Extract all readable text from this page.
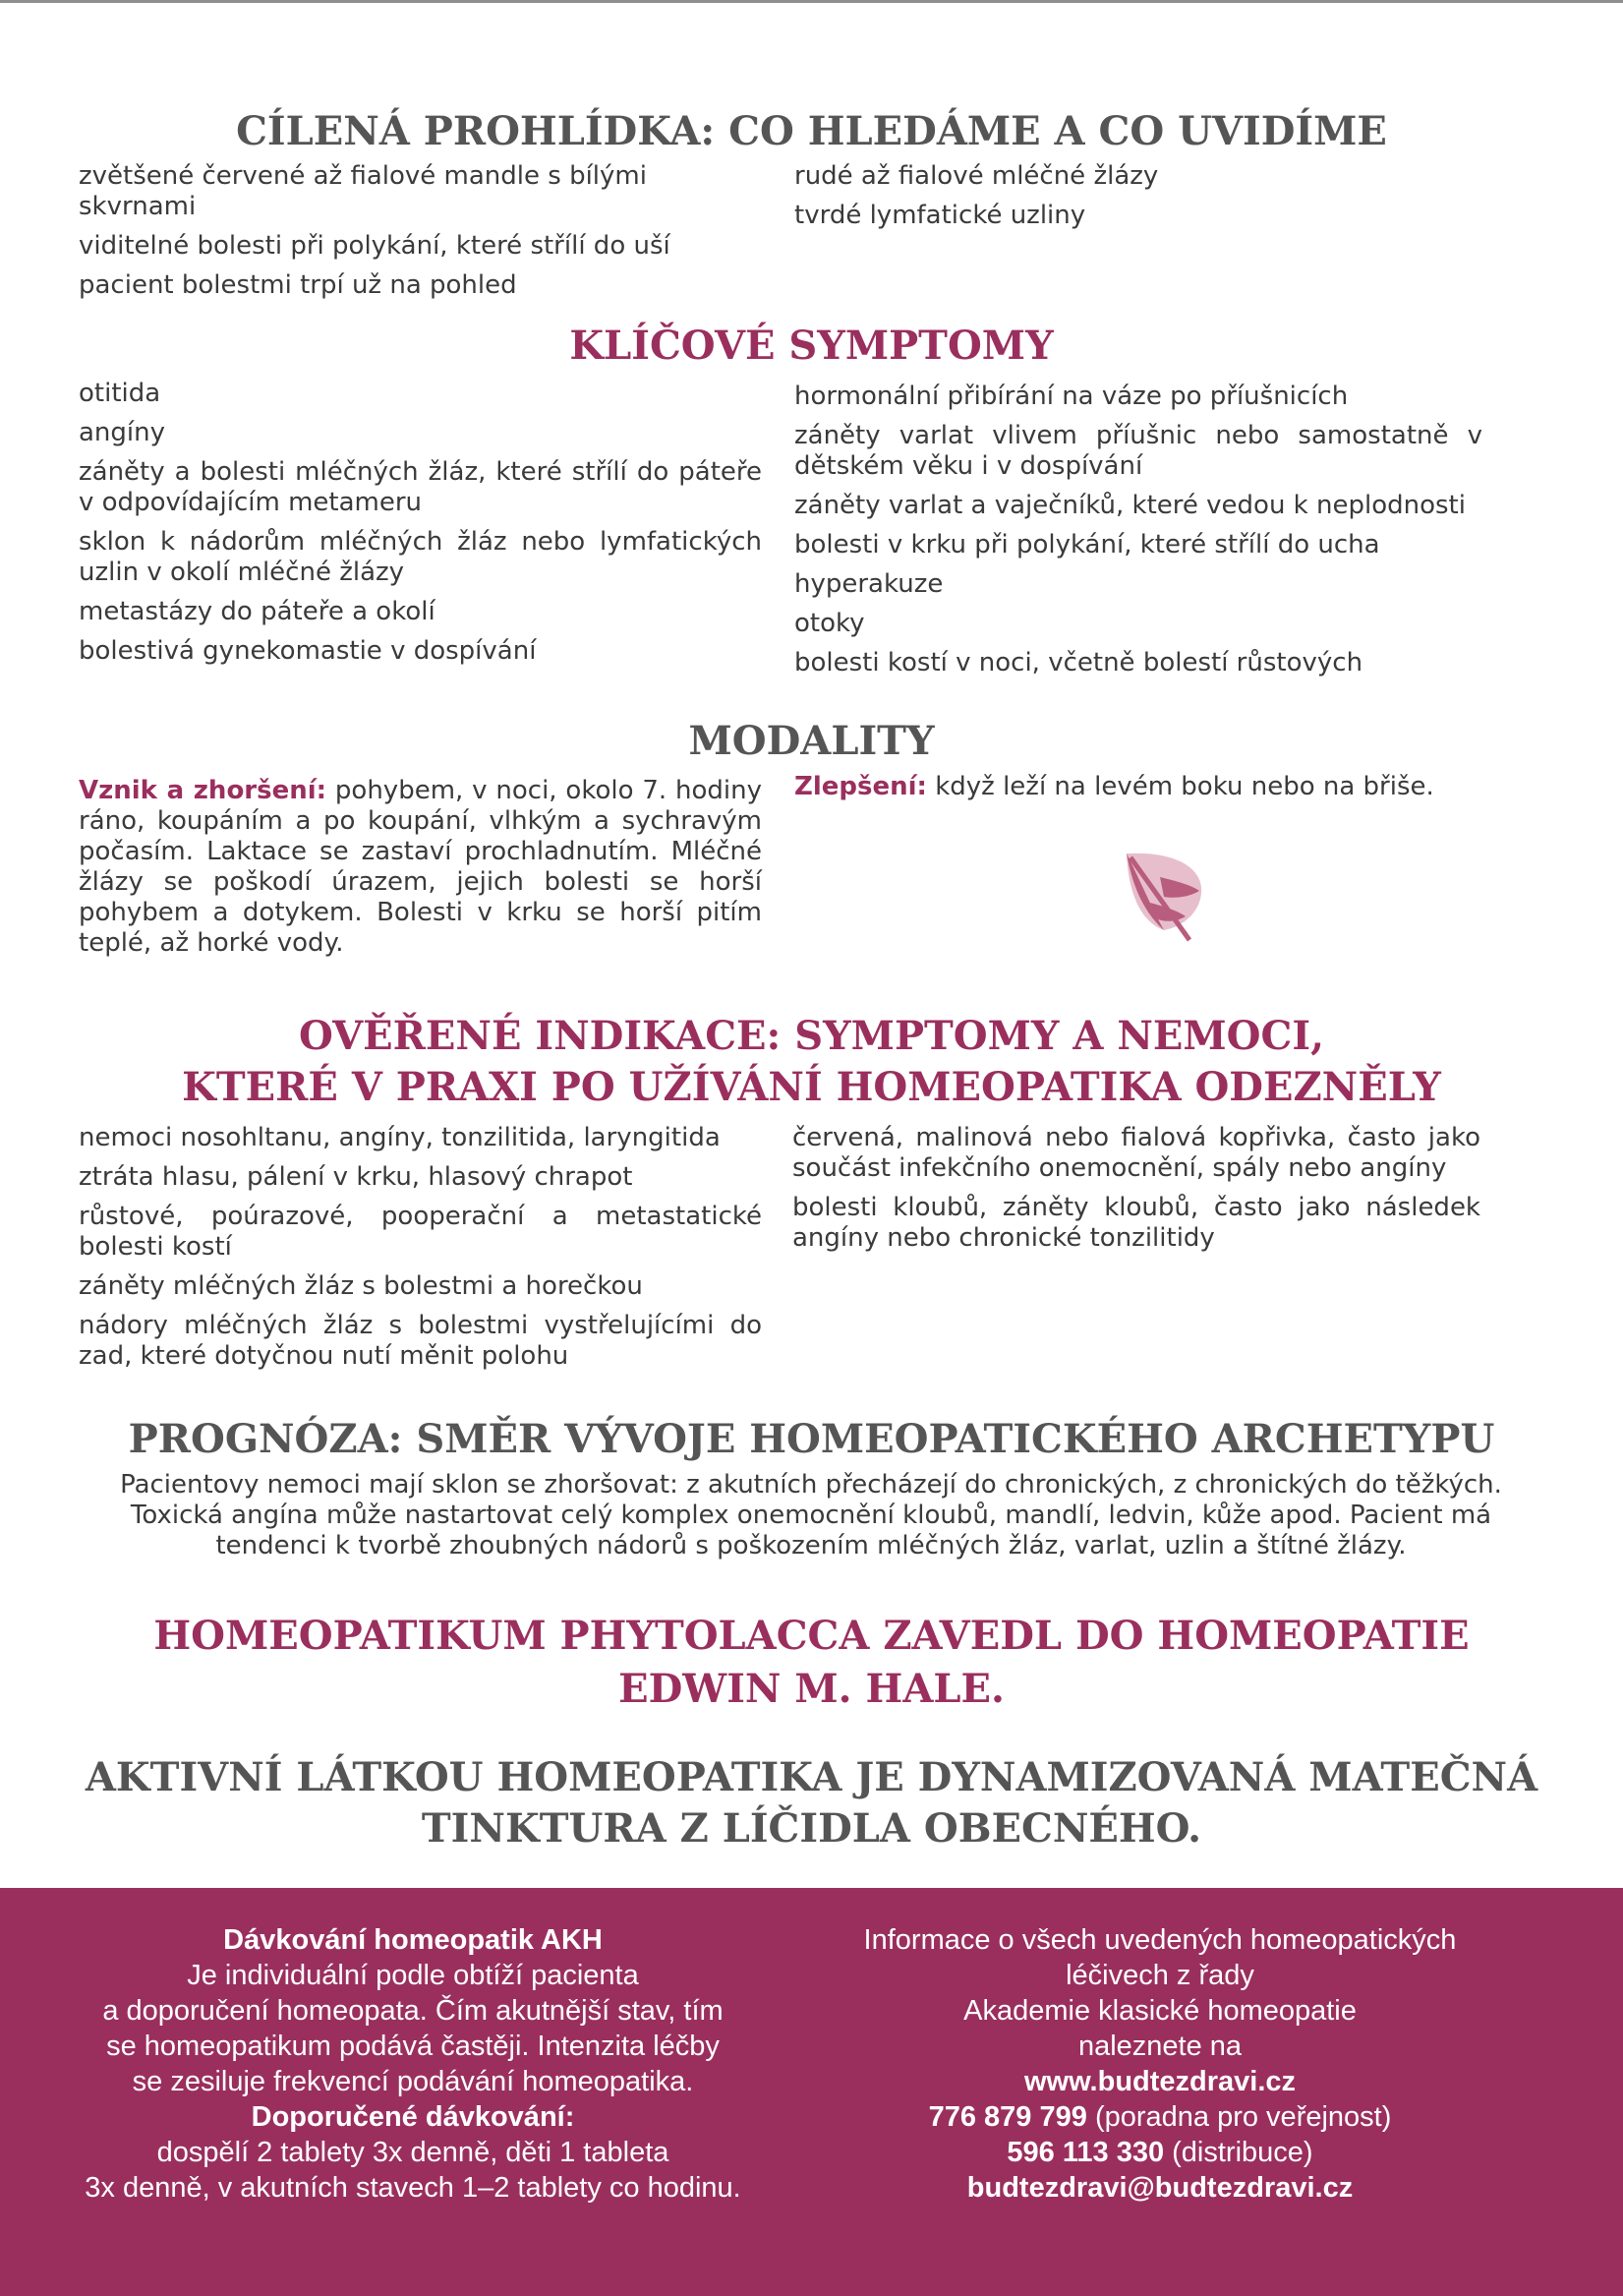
CÍLENÁ PROHLÍDKA: CO HLEDÁME A CO UVIDÍME
zvětšené červené až fialové mandle s bílými skvrnami
viditelné bolesti při polykání, které střílí do uší
pacient bolestmi trpí už na pohled
rudé až fialové mléčné žlázy
tvrdé lymfatické uzliny
KLÍČOVÉ SYMPTOMY
otitida
angíny
záněty a bolesti mléčných žláz, které střílí do páteře v odpovídajícím metameru
sklon k nádorům mléčných žláz nebo lymfatických uzlin v okolí mléčné žlázy
metastázy do páteře a okolí
bolestivá gynekomastie v dospívání
hormonální přibírání na váze po příušnicích
záněty varlat vlivem příušnic nebo samostatně v dětském věku i v dospívání
záněty varlat a vaječníků, které vedou k neplodnosti
bolesti v krku při polykání, které střílí do ucha
hyperakuze
otoky
bolesti kostí v noci, včetně bolestí růstových
MODALITY
Vznik a zhoršení: pohybem, v noci, okolo 7. hodiny ráno, koupáním a po koupání, vlhkým a sychravým počasím. Laktace se zastaví prochladnutím. Mléčné žlázy se poškodí úrazem, jejich bolesti se horší pohybem a dotykem. Bolesti v krku se horší pitím teplé, až horké vody.
Zlepšení: když leží na levém boku nebo na břiše.
OVĚŘENÉ INDIKACE: SYMPTOMY A NEMOCI,
KTERÉ V PRAXI PO UŽÍVÁNÍ HOMEOPATIKA ODEZNĚLY
nemoci nosohltanu, angíny, tonzilitida, laryngitida
ztráta hlasu, pálení v krku, hlasový chrapot
růstové, poúrazové, pooperační a metastatické bolesti kostí
záněty mléčných žláz s bolestmi a horečkou
nádory mléčných žláz s bolestmi vystřelujícími do zad, které dotyčnou nutí měnit polohu
červená, malinová nebo fialová kopřivka, často jako součást infekčního onemocnění, spály nebo angíny
bolesti kloubů, záněty kloubů, často jako následek angíny nebo chronické tonzilitidy
PROGNÓZA: SMĚR VÝVOJE HOMEOPATICKÉHO ARCHETYPU
Pacientovy nemoci mají sklon se zhoršovat: z akutních přecházejí do chronických, z chronických do těžkých. Toxická angína může nastartovat celý komplex onemocnění kloubů, mandlí, ledvin, kůže apod. Pacient má tendenci k tvorbě zhoubných nádorů s poškozením mléčných žláz, varlat, uzlin a štítné žlázy.
HOMEOPATIKUM PHYTOLACCA ZAVEDL DO HOMEOPATIE
EDWIN M. HALE.
AKTIVNÍ LÁTKOU HOMEOPATIKA JE DYNAMIZOVANÁ MATEČNÁ
TINKTURA Z LÍČIDLA OBECNÉHO.
Dávkování homeopatik AKH
Je individuální podle obtíží pacienta
a doporučení homeopata. Čím akutnější stav, tím
se homeopatikum podává častěji. Intenzita léčby
se zesiluje frekvencí podávání homeopatika.
Doporučené dávkování:
dospělí 2 tablety 3x denně, děti 1 tableta
3x denně, v akutních stavech 1–2 tablety co hodinu.
Informace o všech uvedených homeopatických
léčivech z řady
Akademie klasické homeopatie
naleznete na
www.budtezdravi.cz
776 879 799 (poradna pro veřejnost)
596 113 330 (distribuce)
budtezdravi@budtezdravi.cz
